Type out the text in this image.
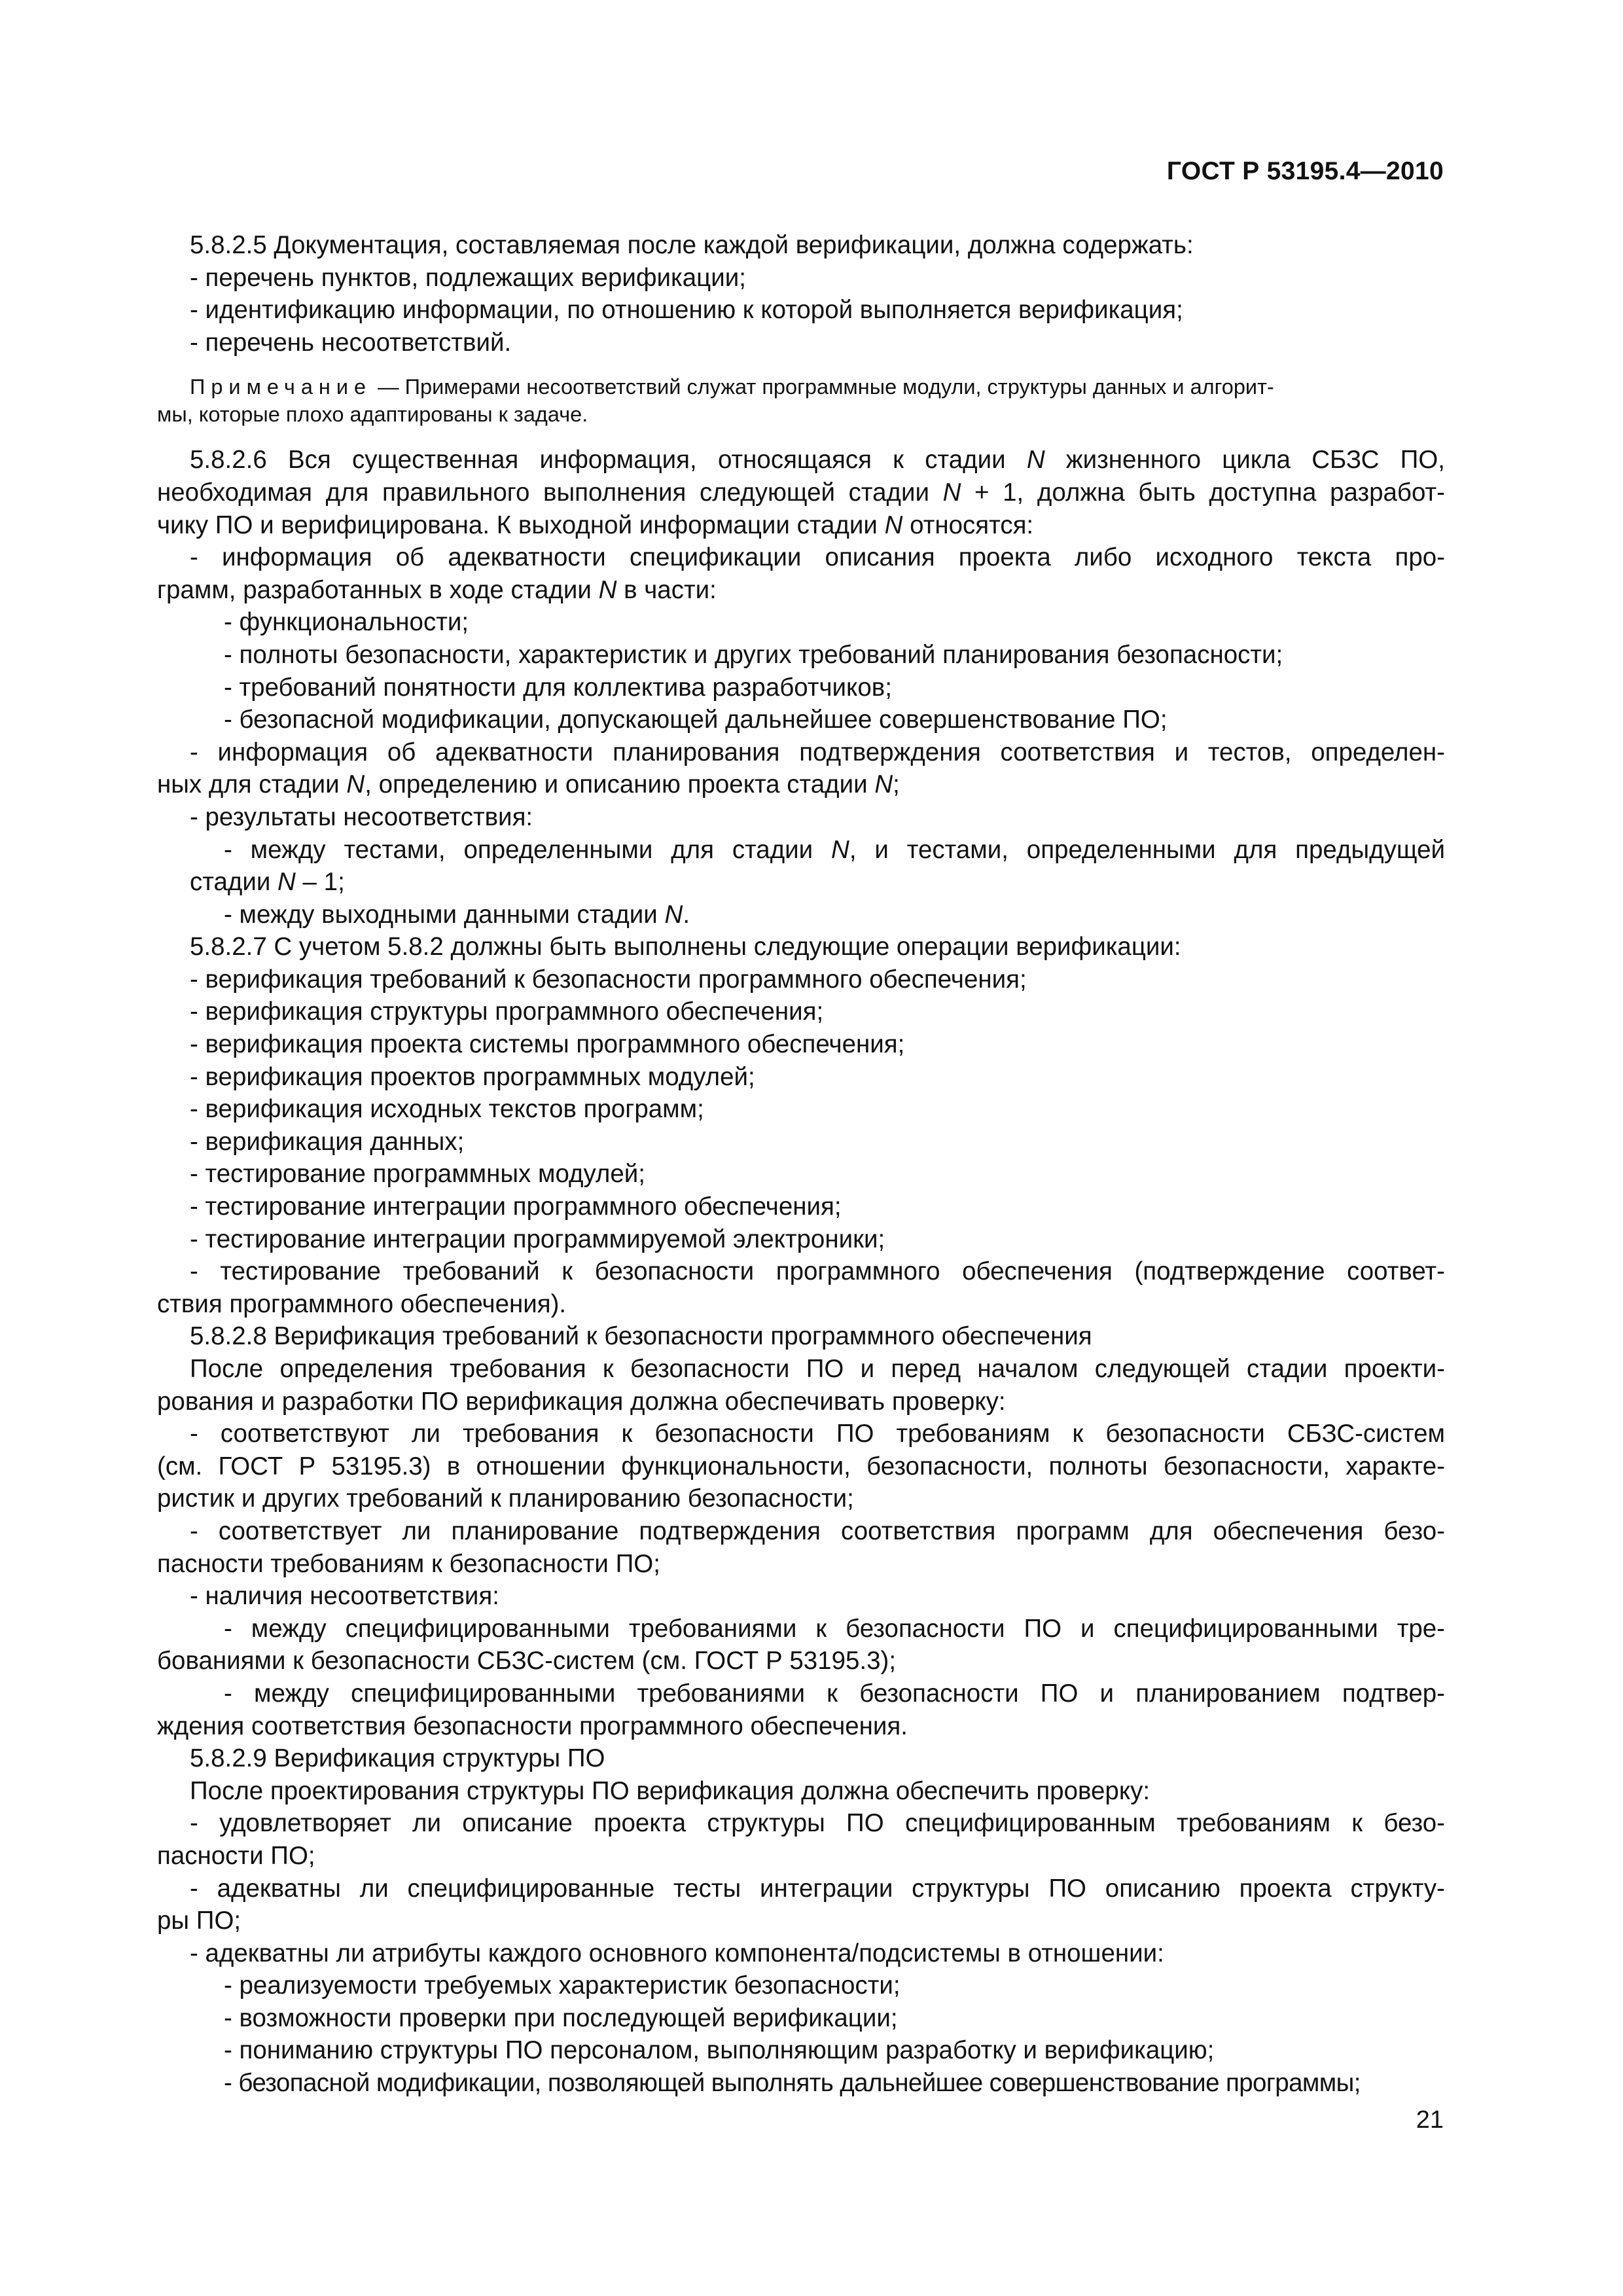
ГОСТ Р 53195.4—2010
5.8.2.5 Документация, составляемая после каждой верификации, должна содержать:
- перечень пунктов, подлежащих верификации;
- идентификацию информации, по отношению к которой выполняется верификация;
- перечень несоответствий.

Примечание — Примерами несоответствий служат программные модули, структуры данных и алгорит-
мы, которые плохо адаптированы к задаче.

5.8.2.6 Вся существенная информация, относящаяся к стадии N жизненного цикла СБЗС ПО,
необходимая для правильного выполнения следующей стадии N + 1, должна быть доступна разработ-
чику ПО и верифицирована. К выходной информации стадии N относятся:
- информация об адекватности спецификации описания проекта либо исходного текста про-
грамм, разработанных в ходе стадии N в части:
- функциональности;
- полноты безопасности, характеристик и других требований планирования безопасности;
- требований понятности для коллектива разработчиков;
- безопасной модификации, допускающей дальнейшее совершенствование ПО;
- информация об адекватности планирования подтверждения соответствия и тестов, определен-
ных для стадии N, определению и описанию проекта стадии N;
- результаты несоответствия:
- между тестами, определенными для стадии N, и тестами, определенными для предыдущей
стадии N – 1;
- между выходными данными стадии N.
5.8.2.7 С учетом 5.8.2 должны быть выполнены следующие операции верификации:
- верификация требований к безопасности программного обеспечения;
- верификация структуры программного обеспечения;
- верификация проекта системы программного обеспечения;
- верификация проектов программных модулей;
- верификация исходных текстов программ;
- верификация данных;
- тестирование программных модулей;
- тестирование интеграции программного обеспечения;
- тестирование интеграции программируемой электроники;
- тестирование требований к безопасности программного обеспечения (подтверждение соответ-
ствия программного обеспечения).
5.8.2.8 Верификация требований к безопасности программного обеспечения
После определения требования к безопасности ПО и перед началом следующей стадии проекти-
рования и разработки ПО верификация должна обеспечивать проверку:
- соответствуют ли требования к безопасности ПО требованиям к безопасности СБЗС-систем
(см. ГОСТ Р 53195.3) в отношении функциональности, безопасности, полноты безопасности, характе-
ристик и других требований к планированию безопасности;
- соответствует ли планирование подтверждения соответствия программ для обеспечения безо-
пасности требованиям к безопасности ПО;
- наличия несоответствия:
- между специфицированными требованиями к безопасности ПО и специфицированными тре-
бованиями к безопасности СБЗС-систем (см. ГОСТ Р 53195.3);
- между специфицированными требованиями к безопасности ПО и планированием подтвер-
ждения соответствия безопасности программного обеспечения.
5.8.2.9 Верификация структуры ПО
После проектирования структуры ПО верификация должна обеспечить проверку:
- удовлетворяет ли описание проекта структуры ПО специфицированным требованиям к безо-
пасности ПО;
- адекватны ли специфицированные тесты интеграции структуры ПО описанию проекта структу-
ры ПО;
- адекватны ли атрибуты каждого основного компонента/подсистемы в отношении:
- реализуемости требуемых характеристик безопасности;
- возможности проверки при последующей верификации;
- пониманию структуры ПО персоналом, выполняющим разработку и верификацию;
- безопасной модификации, позволяющей выполнять дальнейшее совершенствование программы;
21
